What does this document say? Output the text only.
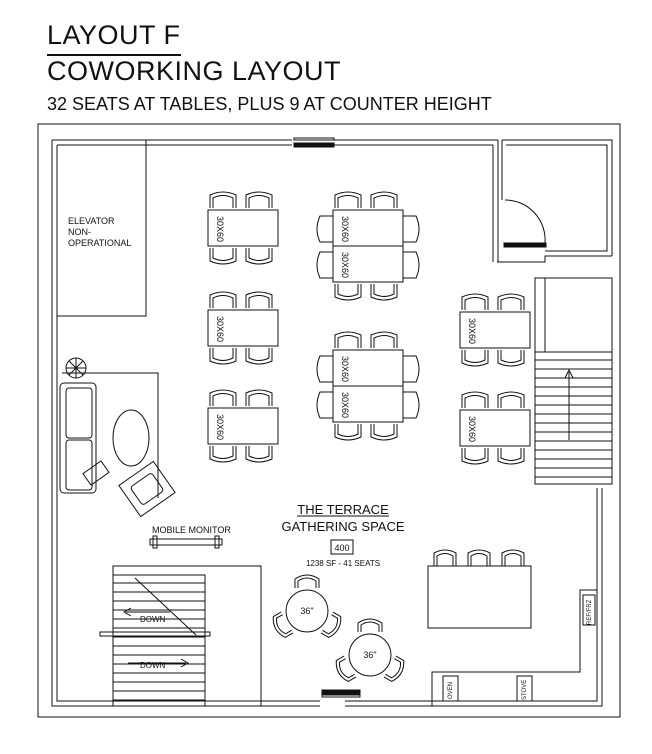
LAYOUT F
COWORKING LAYOUT
32 SEATS AT TABLES, PLUS 9 AT COUNTER HEIGHT
ELEVATOR
NON-
OPERATIONAL
DOWN
DOWN
MOBILE MONITOR
OVEN	STOVE
REF/FRZ
THE TERRACE
GATHERING SPACE
400
1238 SF - 41 SEATS
30X60
30X60
30X60
30X60
30X60
30X60
30X60
30X60
30X60
36"
36"
